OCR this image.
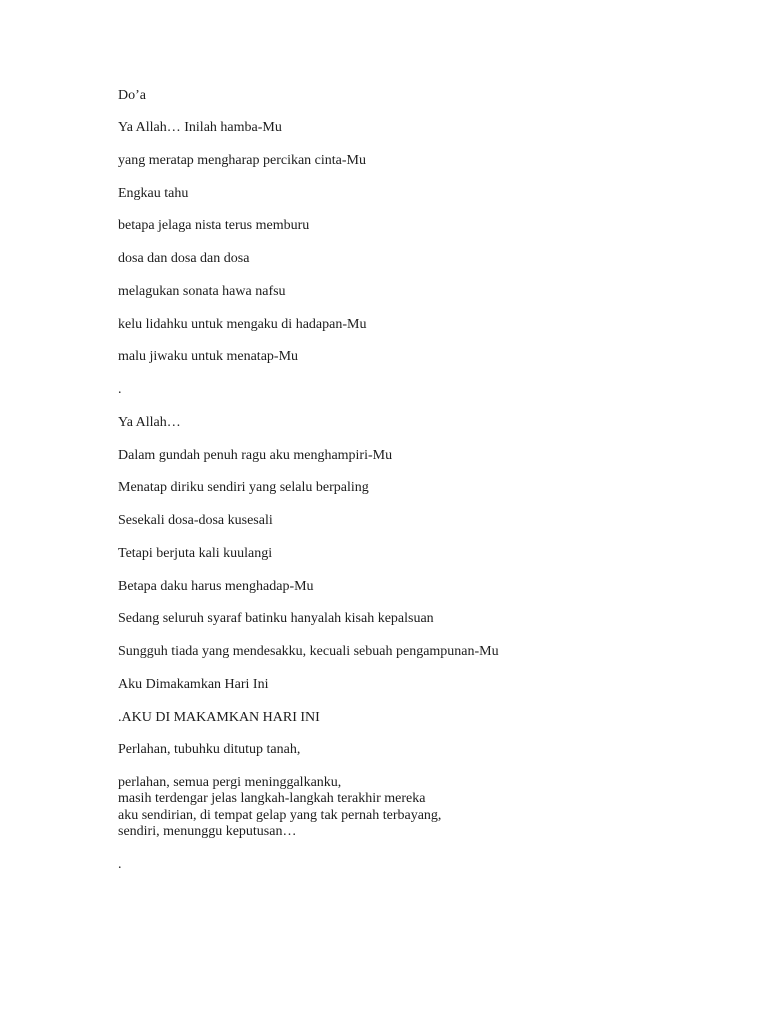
Do’a
Ya Allah… Inilah hamba-Mu
yang meratap mengharap percikan cinta-Mu
Engkau tahu
betapa jelaga nista terus memburu
dosa dan dosa dan dosa
melagukan sonata hawa nafsu
kelu lidahku untuk mengaku di hadapan-Mu
malu jiwaku untuk menatap-Mu
.
Ya Allah…
Dalam gundah penuh ragu aku menghampiri-Mu
Menatap diriku sendiri yang selalu berpaling
Sesekali dosa-dosa kusesali
Tetapi berjuta kali kuulangi
Betapa daku harus menghadap-Mu
Sedang seluruh syaraf batinku hanyalah kisah kepalsuan
Sungguh tiada yang mendesakku, kecuali sebuah pengampunan-Mu
Aku Dimakamkan Hari Ini
.AKU DI MAKAMKAN HARI INI
Perlahan, tubuhku ditutup tanah,
perlahan, semua pergi meninggalkanku,
masih terdengar jelas langkah-langkah terakhir mereka
aku sendirian, di tempat gelap yang tak pernah terbayang,
sendiri, menunggu keputusan…
.
